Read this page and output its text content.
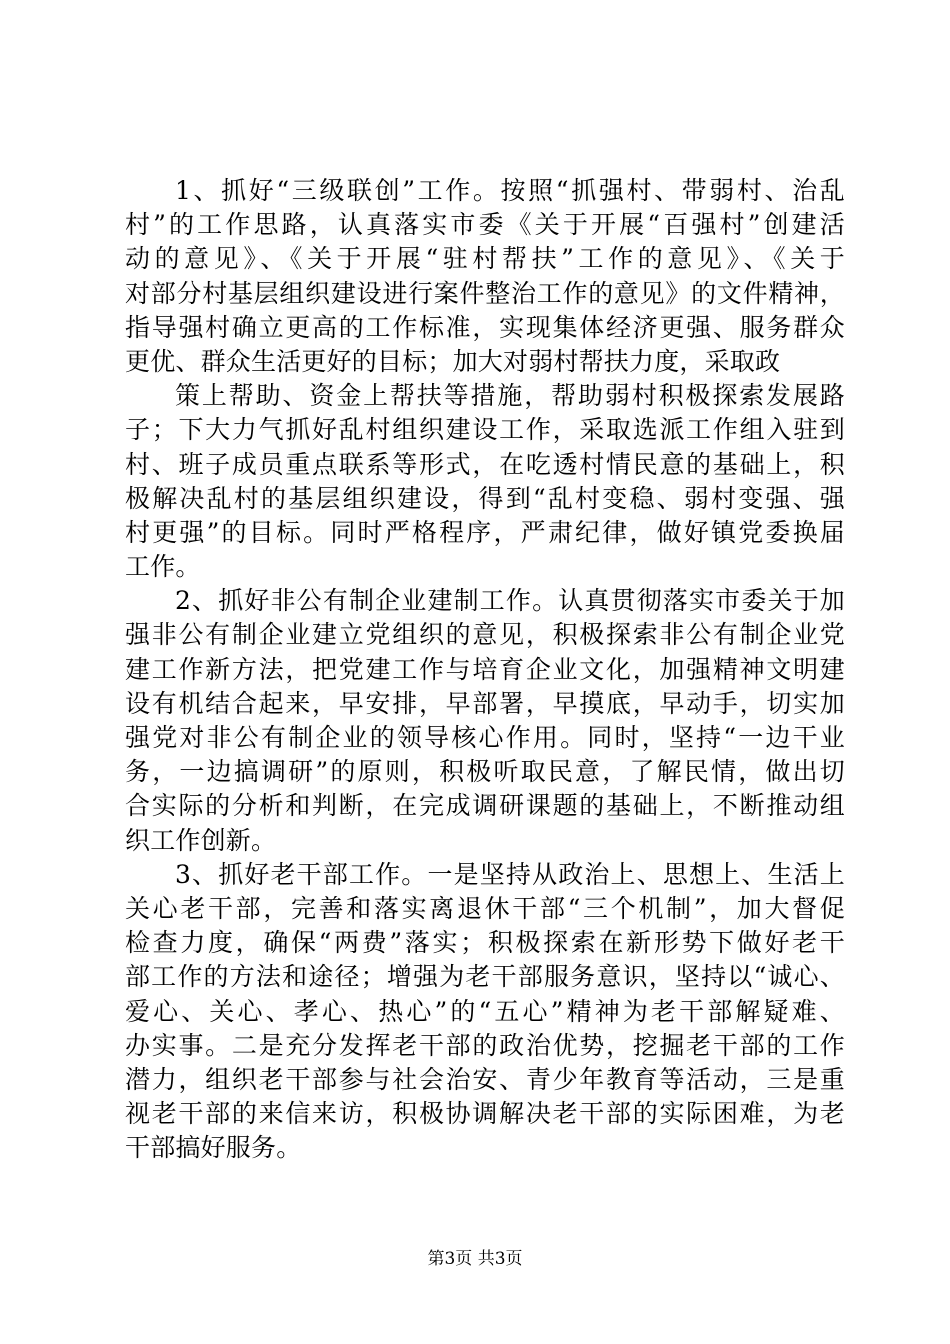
1、抓好“三级联创”工作。按照“抓强村、带弱村、治乱
村”的工作思路，认真落实市委《关于开展“百强村”创建活
动的意见》、《关于开展“驻村帮扶”工作的意见》、《关于
对部分村基层组织建设进行案件整治工作的意见》的文件精神，
指导强村确立更高的工作标准，实现集体经济更强、服务群众
更优、群众生活更好的目标；加大对弱村帮扶力度，采取政
策上帮助、资金上帮扶等措施，帮助弱村积极探索发展路
子；下大力气抓好乱村组织建设工作，采取选派工作组入驻到
村、班子成员重点联系等形式，在吃透村情民意的基础上，积
极解决乱村的基层组织建设，得到“乱村变稳、弱村变强、强
村更强”的目标。同时严格程序，严肃纪律，做好镇党委换届
工作。
2、抓好非公有制企业建制工作。认真贯彻落实市委关于加
强非公有制企业建立党组织的意见，积极探索非公有制企业党
建工作新方法，把党建工作与培育企业文化，加强精神文明建
设有机结合起来，早安排，早部署，早摸底，早动手，切实加
强党对非公有制企业的领导核心作用。同时，坚持“一边干业
务，一边搞调研”的原则，积极听取民意，了解民情，做出切
合实际的分析和判断，在完成调研课题的基础上，不断推动组
织工作创新。
3、抓好老干部工作。一是坚持从政治上、思想上、生活上
关心老干部，完善和落实离退休干部“三个机制”，加大督促
检查力度，确保“两费”落实；积极探索在新形势下做好老干
部工作的方法和途径；增强为老干部服务意识，坚持以“诚心、
爱心、关心、孝心、热心”的“五心”精神为老干部解疑难、
办实事。二是充分发挥老干部的政治优势，挖掘老干部的工作
潜力，组织老干部参与社会治安、青少年教育等活动，三是重
视老干部的来信来访，积极协调解决老干部的实际困难，为老
干部搞好服务。
第3页 共3页
